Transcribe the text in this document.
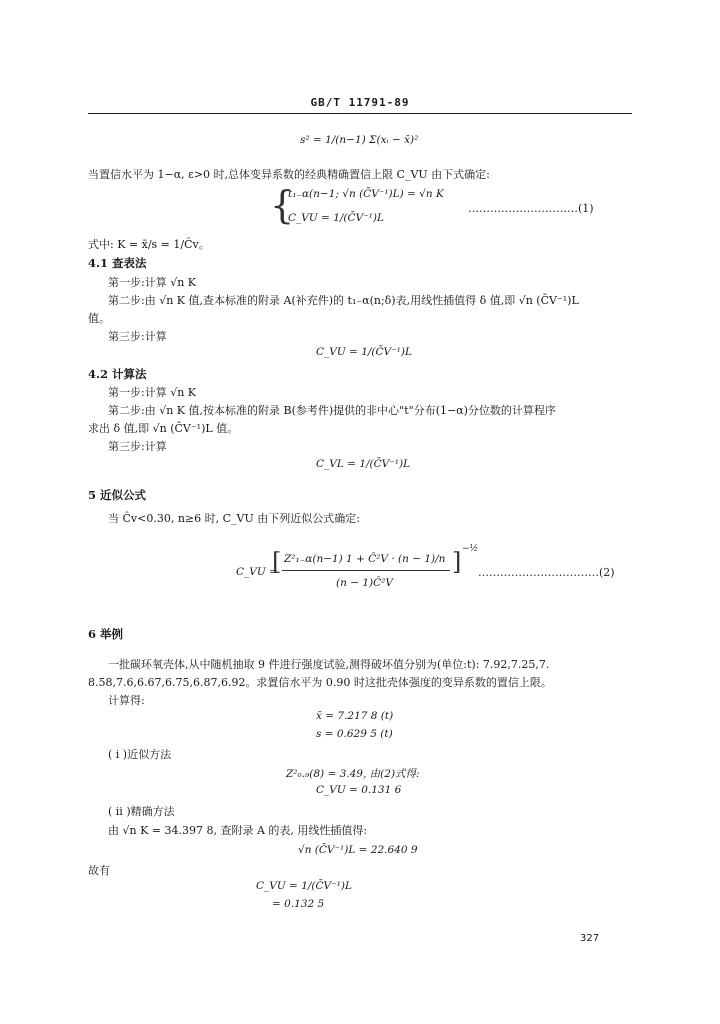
GB/T 11791-89
s² = 1/(n−1) Σ(xᵢ − x̄)²
当置信水平为 1−α, ε>0 时,总体变异系数的经典精确置信上限 C_VU 由下式确定:
{
t₁₋α(n−1; √n (C̄V⁻¹)L) = √n K
C_VU = 1/(C̄V⁻¹)L
…………………………(1)
式中: K = x̄/s = 1/Ĉv。
4.1 查表法
第一步:计算 √n K
第二步:由 √n K 值,查本标准的附录 A(补充件)的 t₁₋α(n;δ)表,用线性插值得 δ 值,即 √n (C̄V⁻¹)L
值。
第三步:计算
C_VU = 1/(C̄V⁻¹)L
4.2 计算法
第一步:计算 √n K
第二步:由 √n K 值,按本标准的附录 B(参考件)提供的非中心"t"分布(1−α)分位数的计算程序
求出 δ 值,即 √n (C̄V⁻¹)L 值。
第三步:计算
C_VL = 1/(C̄V⁻¹)L
5 近似公式
当 Ĉv<0.30, n≥6 时, C_VU 由下列近似公式确定:
C_VU =
[ Z²₁₋α(n−1) 1 + Ĉ²V · (n − 1)/n
(n − 1)Ĉ²V
] −½
……………………………(2)
6 举例
一批碳环氧壳体,从中随机抽取 9 件进行强度试验,测得破坏值分别为(单位:t): 7.92,7.25,7.
8.58,7.6,6.67,6.75,6.87,6.92。求置信水平为 0.90 时这批壳体强度的变异系数的置信上限。
计算得:
x̄ = 7.217 8 (t)
s = 0.629 5 (t)
( i )近似方法
Z²₀.₉(8) = 3.49, 由(2)式得:
C_VU = 0.131 6
( ii )精确方法
由 √n K = 34.397 8, 查附录 A 的表, 用线性插值得:
√n (C̄V⁻¹)L = 22.640 9
故有
C_VU = 1/(C̄V⁻¹)L
= 0.132 5
327
